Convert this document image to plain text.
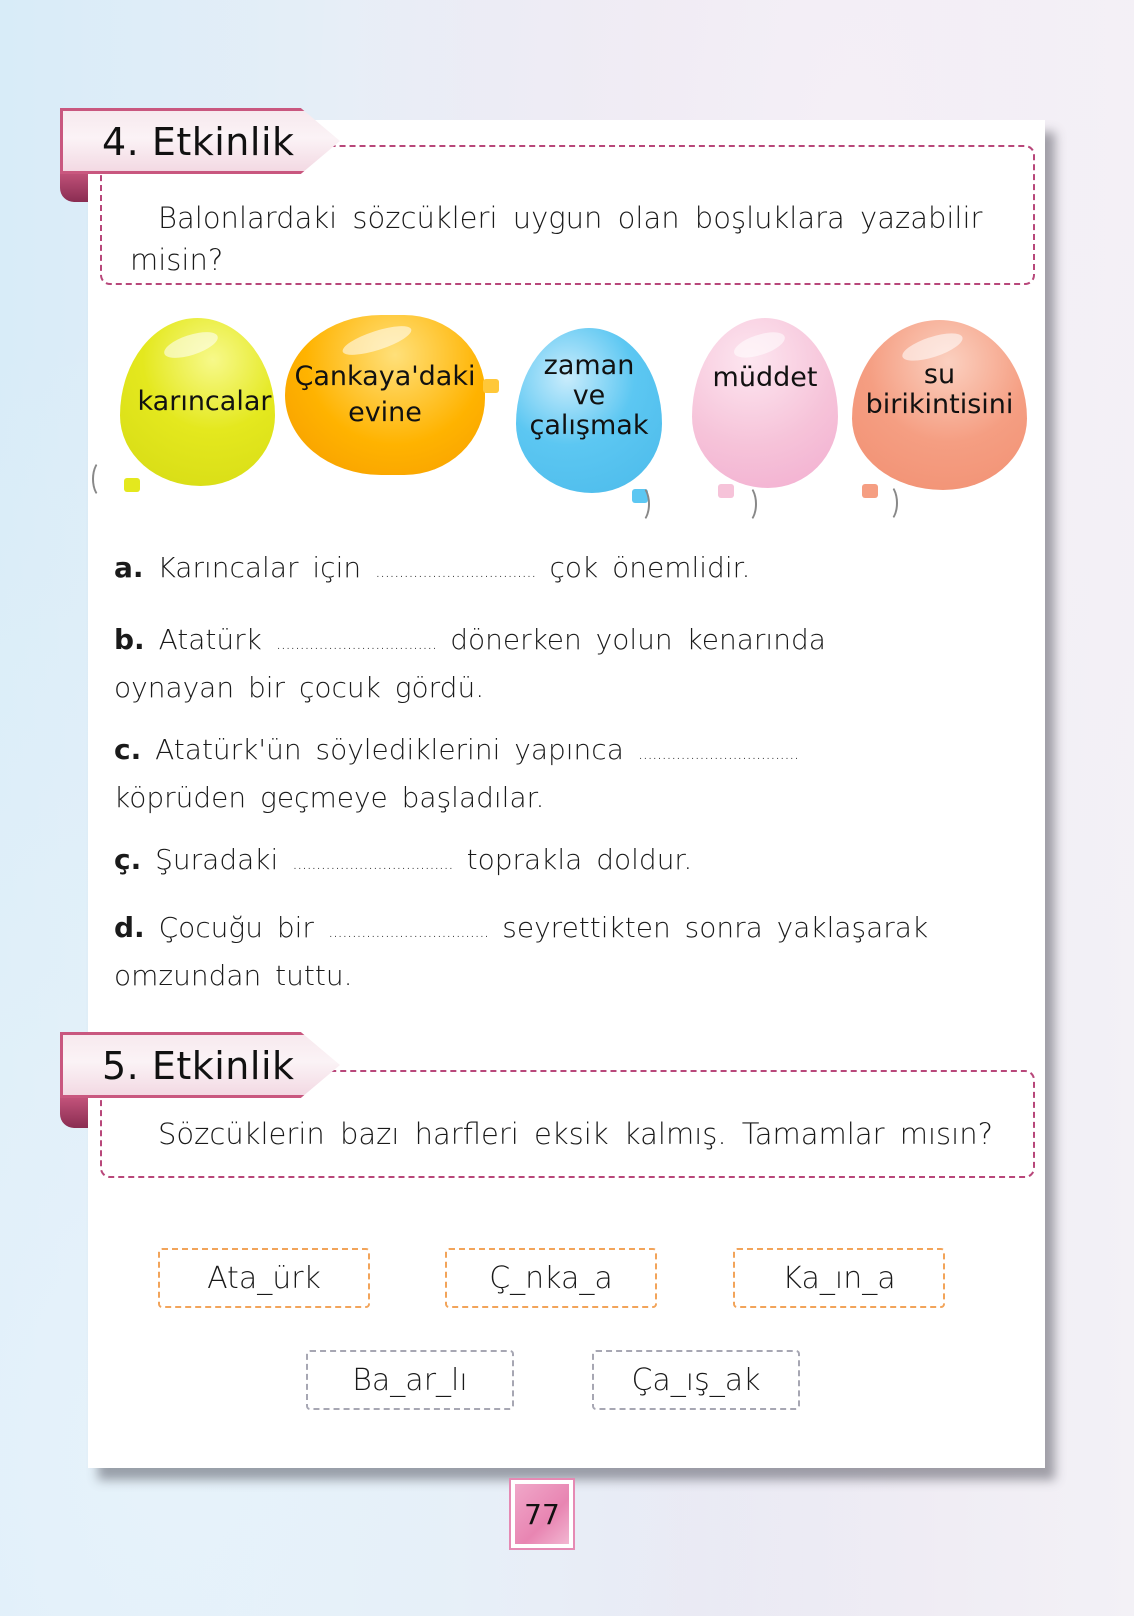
4. Etkinlik
Balonlardaki sözcükleri uygun olan boşluklara yazabilir
misin?
karıncalar
Çankaya'daki
evine
zaman
ve
çalışmak
müddet	su
birikintisini
a. Karıncalar için .................................. çok önemlidir.
b. Atatürk .................................. dönerken yolun kenarında
oynayan bir çocuk gördü.
c. Atatürk'ün söylediklerini yapınca ..................................
köprüden geçmeye başladılar.
ç. Şuradaki .................................. toprakla doldur.
d. Çocuğu bir .................................. seyrettikten sonra yaklaşarak
omzundan tuttu.
5. Etkinlik
Sözcüklerin bazı harfleri eksik kalmış. Tamamlar mısın?
Ata_ürk	Ç_nka_a	Ka_ın_a
Ba_ar_lı	Ça_ış_ak
77
